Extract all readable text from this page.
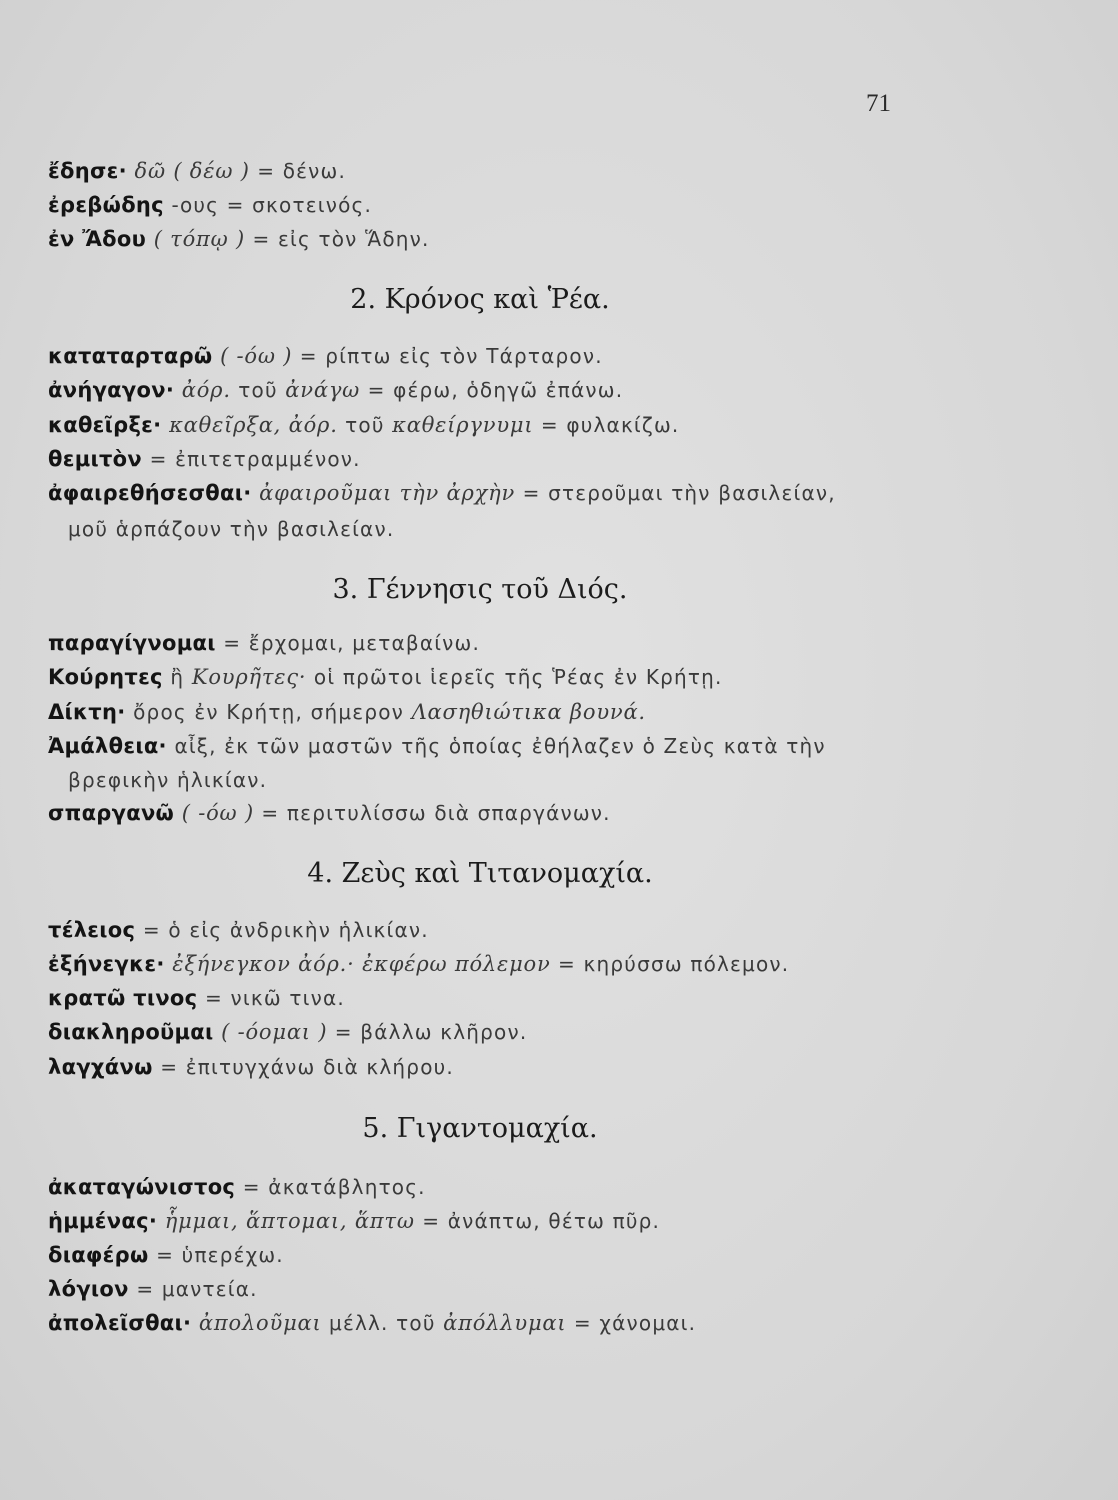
71
ἔδησε· δῶ ( δέω ) = δένω.
ἐρεβώδης -ους = σκοτεινός.
ἐν Ἄδου ( τόπῳ ) = εἰς τὸν Ἅδην.
2. Κρόνος καὶ Ῥέα.
καταταρταρῶ ( -όω ) = ρίπτω εἰς τὸν Τάρταρον.
ἀνήγαγον· ἀόρ. τοῦ ἀνάγω = φέρω, ὁδηγῶ ἐπάνω.
καθεῖρξε· καθεῖρξα, ἀόρ. τοῦ καθείργνυμι = φυλακίζω.
θεμιτὸν = ἐπιτετραμμένον.
ἀφαιρεθήσεσθαι· ἀφαιροῦμαι τὴν ἀρχὴν = στεροῦμαι τὴν βασιλείαν,
μοῦ ἁρπάζουν τὴν βασιλείαν.
3. Γέννησις τοῦ Διός.
παραγίγνομαι = ἔρχομαι, μεταβαίνω.
Κούρητες ἢ Κουρῆτες· οἱ πρῶτοι ἱερεῖς τῆς Ῥέας ἐν Κρήτῃ.
Δίκτη· ὄρος ἐν Κρήτῃ, σήμερον Λασηθιώτικα βουνά.
Ἀμάλθεια· αἶξ, ἐκ τῶν μαστῶν τῆς ὁποίας ἐθήλαζεν ὁ Ζεὺς κατὰ τὴν
βρεφικὴν ἡλικίαν.
σπαργανῶ ( -όω ) = περιτυλίσσω διὰ σπαργάνων.
4. Ζεὺς καὶ Τιτανομαχία.
τέλειος = ὁ εἰς ἀνδρικὴν ἡλικίαν.
ἐξήνεγκε· ἐξήνεγκον ἀόρ.· ἐκφέρω πόλεμον = κηρύσσω πόλεμον.
κρατῶ τινος = νικῶ τινα.
διακληροῦμαι ( -όομαι ) = βάλλω κλῆρον.
λαγχάνω = ἐπιτυγχάνω διὰ κλήρου.
5. Γιγαντομαχία.
ἀκαταγώνιστος = ἀκατάβλητος.
ἡμμένας· ἧμμαι, ἅπτομαι, ἅπτω = ἀνάπτω, θέτω πῦρ.
διαφέρω = ὑπερέχω.
λόγιον = μαντεία.
ἀπολεῖσθαι· ἀπολοῦμαι μέλλ. τοῦ ἀπόλλυμαι = χάνομαι.
